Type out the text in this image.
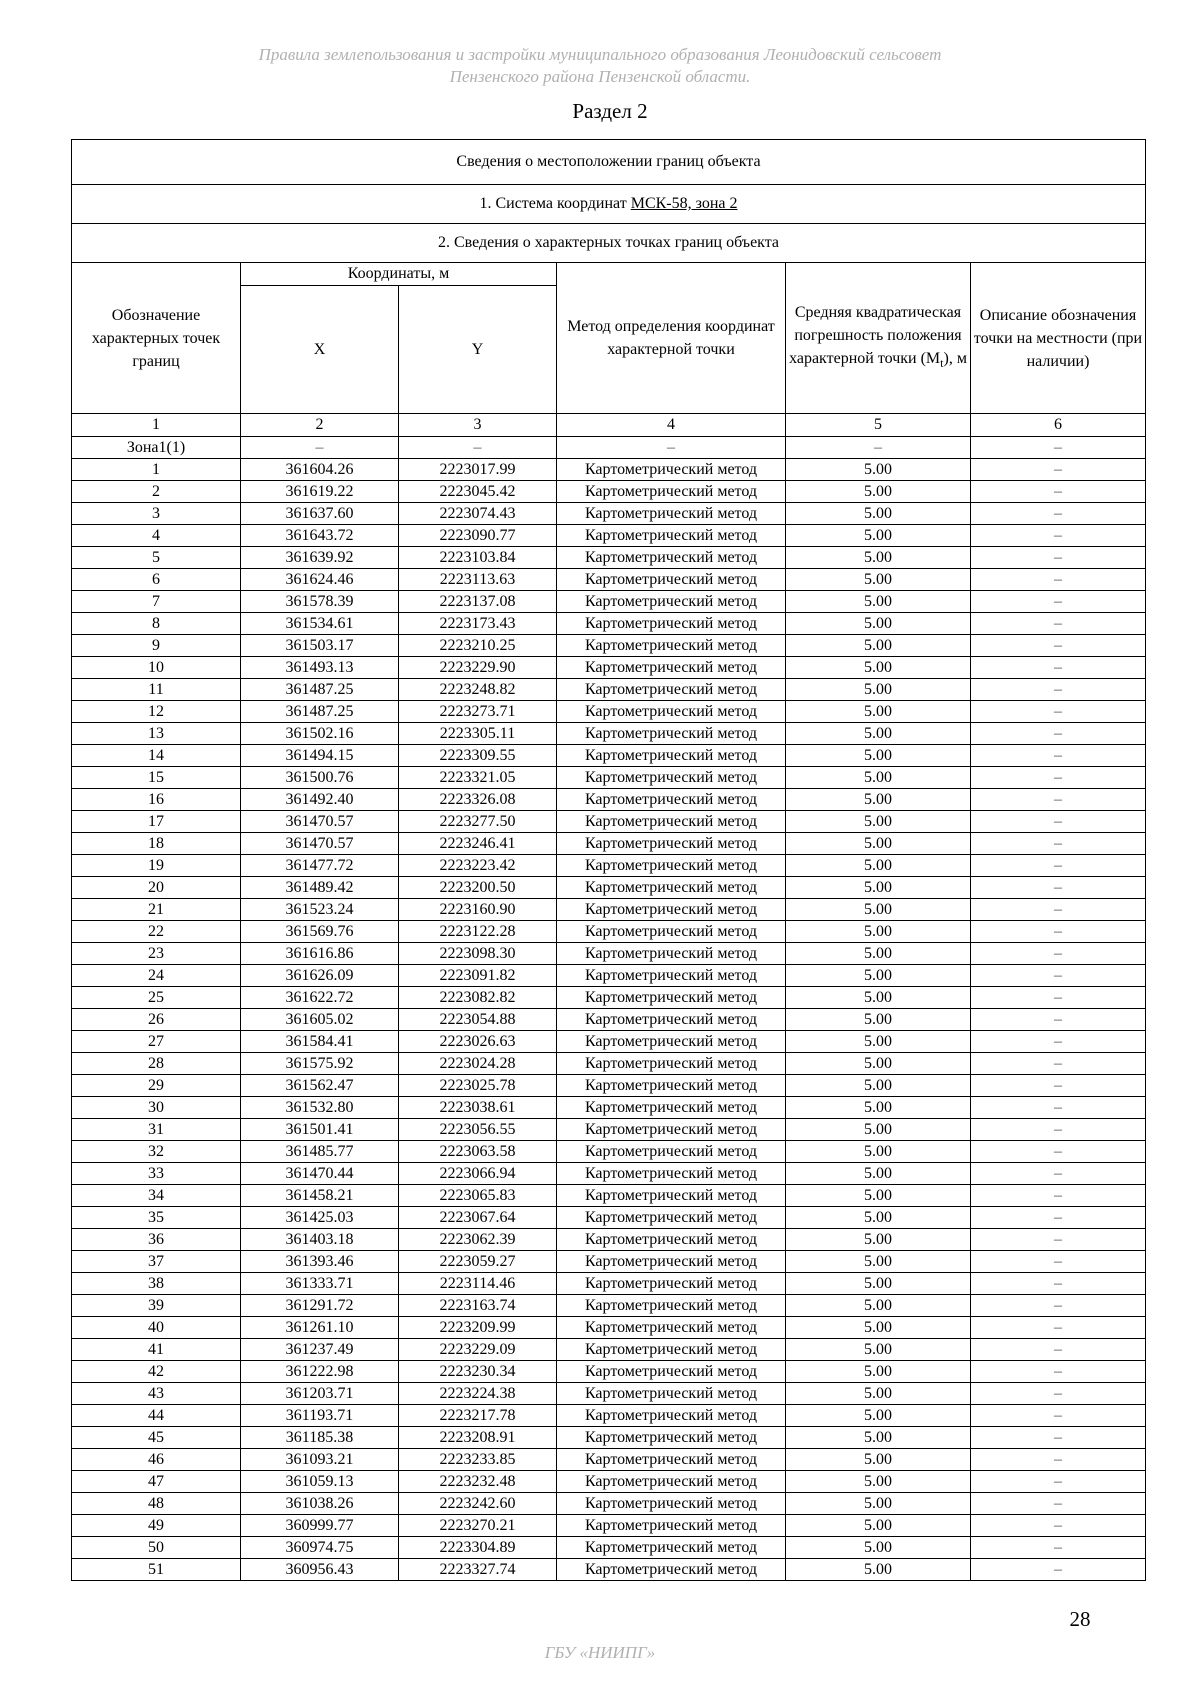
Правила землепользования и застройки муниципального образования Леонидовский сельсовет
Пензенского района Пензенской области.
Раздел 2
Сведения о местоположении границ объекта					
1. Система координат МСК-58, зона 2					
2. Сведения о характерных точках границ объекта					
Обозначение характерных точек границ	Координаты, м		Метод определения координат характерной точки	Средняя квадратическая погрешность положения характерной точки $(M_t)$, м	Описание обозначения точки на местности (при наличии)
	X	Y			
1	2	3	4	5	6
Зона1(1)	–	–	–	–	–
1	361604.26	2223017.99	Картометрический метод	5.00	–
2	361619.22	2223045.42	Картометрический метод	5.00	–
3	361637.60	2223074.43	Картометрический метод	5.00	–
4	361643.72	2223090.77	Картометрический метод	5.00	–
5	361639.92	2223103.84	Картометрический метод	5.00	–
6	361624.46	2223113.63	Картометрический метод	5.00	–
7	361578.39	2223137.08	Картометрический метод	5.00	–
8	361534.61	2223173.43	Картометрический метод	5.00	–
9	361503.17	2223210.25	Картометрический метод	5.00	–
10	361493.13	2223229.90	Картометрический метод	5.00	–
11	361487.25	2223248.82	Картометрический метод	5.00	–
12	361487.25	2223273.71	Картометрический метод	5.00	–
13	361502.16	2223305.11	Картометрический метод	5.00	–
14	361494.15	2223309.55	Картометрический метод	5.00	–
15	361500.76	2223321.05	Картометрический метод	5.00	–
16	361492.40	2223326.08	Картометрический метод	5.00	–
17	361470.57	2223277.50	Картометрический метод	5.00	–
18	361470.57	2223246.41	Картометрический метод	5.00	–
19	361477.72	2223223.42	Картометрический метод	5.00	–
20	361489.42	2223200.50	Картометрический метод	5.00	–
21	361523.24	2223160.90	Картометрический метод	5.00	–
22	361569.76	2223122.28	Картометрический метод	5.00	–
23	361616.86	2223098.30	Картометрический метод	5.00	–
24	361626.09	2223091.82	Картометрический метод	5.00	–
25	361622.72	2223082.82	Картометрический метод	5.00	–
26	361605.02	2223054.88	Картометрический метод	5.00	–
27	361584.41	2223026.63	Картометрический метод	5.00	–
28	361575.92	2223024.28	Картометрический метод	5.00	–
29	361562.47	2223025.78	Картометрический метод	5.00	–
30	361532.80	2223038.61	Картометрический метод	5.00	–
31	361501.41	2223056.55	Картометрический метод	5.00	–
32	361485.77	2223063.58	Картометрический метод	5.00	–
33	361470.44	2223066.94	Картометрический метод	5.00	–
34	361458.21	2223065.83	Картометрический метод	5.00	–
35	361425.03	2223067.64	Картометрический метод	5.00	–
36	361403.18	2223062.39	Картометрический метод	5.00	–
37	361393.46	2223059.27	Картометрический метод	5.00	–
38	361333.71	2223114.46	Картометрический метод	5.00	–
39	361291.72	2223163.74	Картометрический метод	5.00	–
40	361261.10	2223209.99	Картометрический метод	5.00	–
41	361237.49	2223229.09	Картометрический метод	5.00	–
42	361222.98	2223230.34	Картометрический метод	5.00	–
43	361203.71	2223224.38	Картометрический метод	5.00	–
44	361193.71	2223217.78	Картометрический метод	5.00	–
45	361185.38	2223208.91	Картометрический метод	5.00	–
46	361093.21	2223233.85	Картометрический метод	5.00	–
47	361059.13	2223232.48	Картометрический метод	5.00	–
48	361038.26	2223242.60	Картометрический метод	5.00	–
49	360999.77	2223270.21	Картометрический метод	5.00	–
50	360974.75	2223304.89	Картометрический метод	5.00	–
51	360956.43	2223327.74	Картометрический метод	5.00	–
28
ГБУ «НИИПГ»
